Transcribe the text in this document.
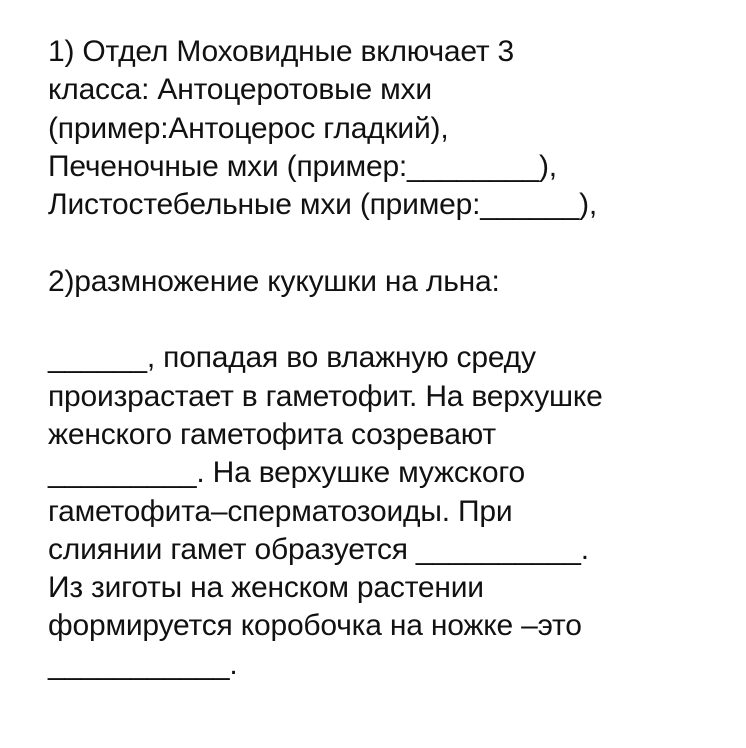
1) Отдел Моховидные включает 3
класса: Антоцеротовые мхи
(пример:Антоцерос гладкий),
Печеночные мхи (пример:________),
Листостебельные мхи (пример:______),
2)размножение кукушки на льна:
______, попадая во влажную среду
произрастает в гаметофит. На верхушке
женского гаметофита созревают
_________. На верхушке мужского
гаметофита–сперматозоиды. При
слиянии гамет образуется __________.
Из зиготы на женском растении
формируется коробочка на ножке –это
___________.
